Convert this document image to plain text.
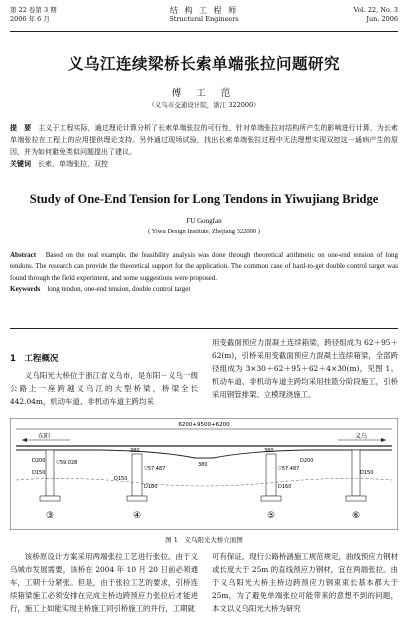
第 22 卷第 3 期
2006 年 6 月
结 构 工 程 师
Structural Engineers
Vol. 22, No. 3
Jun. 2006
义乌江连续梁桥长索单端张拉问题研究
傅 工 范
（义乌市交通设计院，浙江 322000）
提　要　 主义于工程实际，通过理论计算分析了长索单端张拉的可行性，针对单端张拉对结构所产生的影响进行计算，为长索单端张拉在工程上的应用提供理论支持。另外通过现场试验，找出长索单端张拉过程中无法理想实现双控这一通病产生的原因，并为如何避免类似问题提出了建议。
关键词　 长索，单端张拉，双控
Study of One-End Tension for Long Tendons in Yiwujiang Bridge
FU Gongfan
( Yiwu Design Institute, Zhejiang 322000 )
Abstract　 Based on the real example, the feasibility analysis was done through theoretical arithmetic on one-end tension of long tendons. The research can provide the theoretical support for the application. The common case of hard-to-get double control target was found through the field experiment, and some suggestions were proposed.
Keywords　 long tendon, one-end tension, double control target
1　工程概况

义乌阳光大桥位于浙江省义乌市，是东阳－义乌一级公路上一座跨越义乌江的大型桥梁，桥梁全长 442.04m，机动车道、非机动车道主跨均采

用变截面预应力混凝土连续箱梁，跨径组成为 62＋95＋62(m)，引桥采用变截面预应力混凝土连续箱梁，全部跨径组成为 3×30＋62＋95＋62＋4×30(m)，见图 1。机动车道、非机动车道主跨均采用挂篮分阶段施工，引桥采用钢管排架、立模现浇施工。

6200+9500+6200
东阳	义乌
D200
D150
D150
D200
D180	D160
D150
▽59.028
▽57.487	▽57.487
380
380
380
③	④	⑤	⑥
图 1　义乌阳光大桥立面图

该桥原设计方案采用两端张拉工艺进行张拉。由于义乌城市发展需要，该桥在 2004 年 10 月 20 日前必须通车，工期十分紧张。但是，由于张拉工艺的要求，引桥连续箱梁施工必须安排在完成主桥边跨预应力张拉后才能进行，施工上如能实现主桥施工同引桥施工的并行，工期就

可有保证。现行公路桥涵施工规范规定，曲线预应力钢材或长度大于 25m 的直线预应力钢材，宜在两端张拉。由于义乌阳光大桥主桥边跨预应力钢束束长基本都大于 25m，为了避免单端张拉可能带来的意想不到的问题，本文以义乌阳光大桥为研究
